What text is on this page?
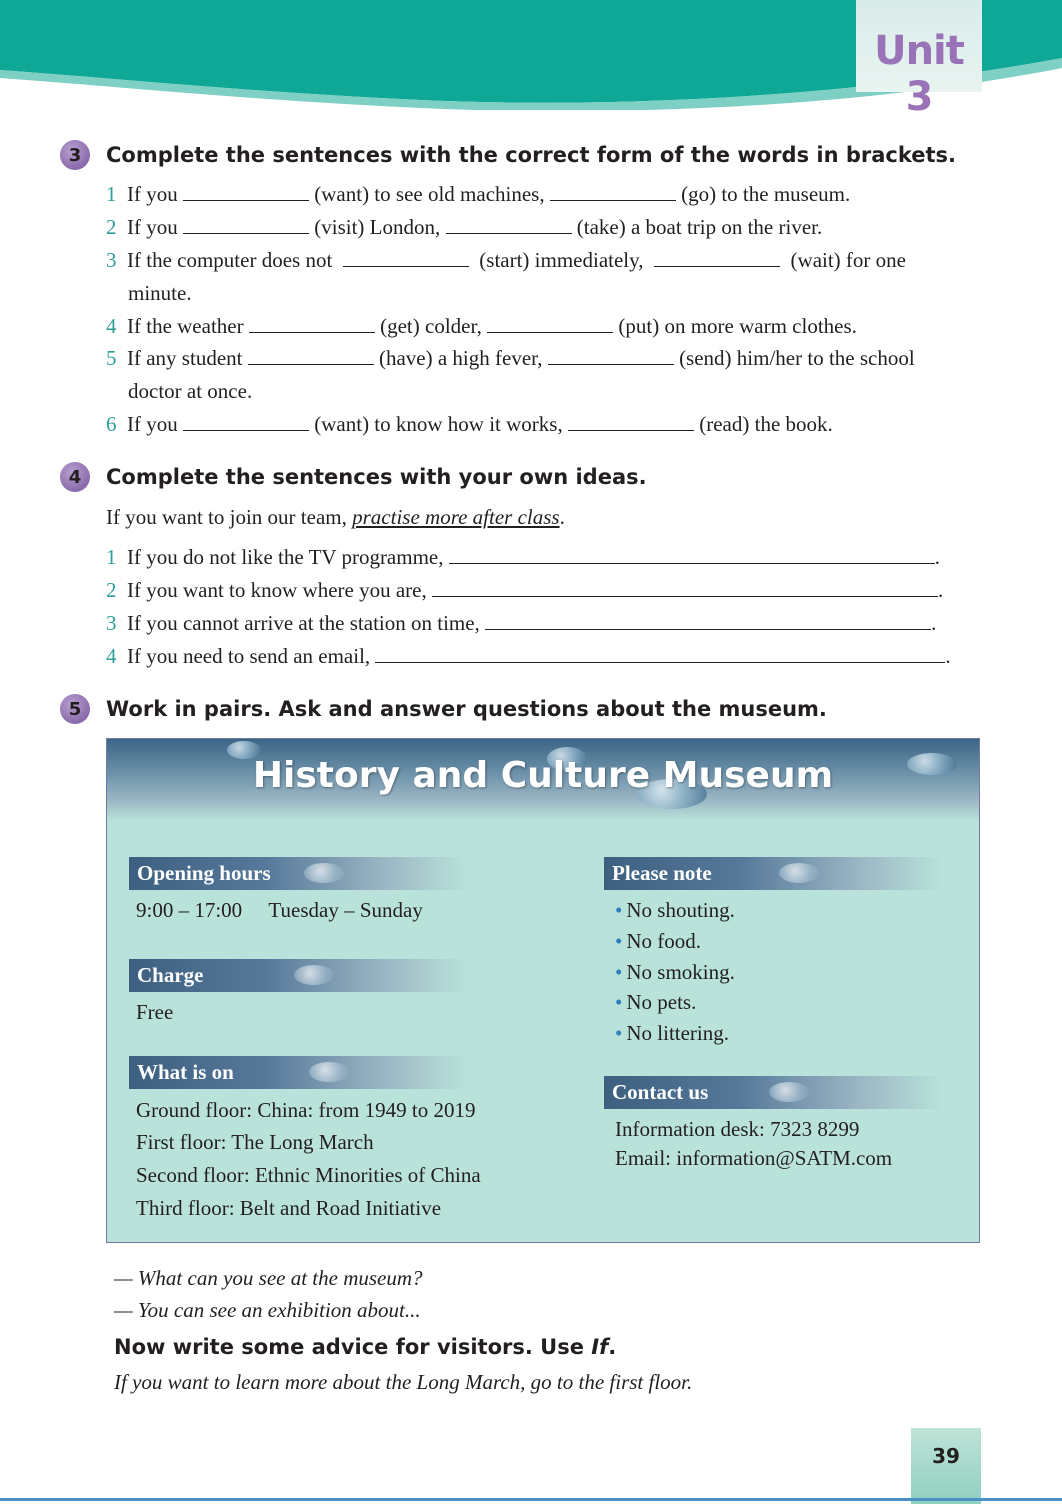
Unit 3
3	Complete the sentences with the correct form of the words in brackets.
1 If you	(want) to see old machines,	(go) to the museum.
2 If you	(visit) London,	(take) a boat trip on the river.
3 If the computer does not	(start) immediately,	(wait) for one
minute.
4 If the weather	(get) colder,	(put) on more warm clothes.
5 If any student	(have) a high fever,	(send) him/her to the school
doctor at once.
6 If you	(want) to know how it works,	(read) the book.
4	Complete the sentences with your own ideas.
If you want to join our team, practise more after class.
1 If you do not like the TV programme,	.
2 If you want to know where you are,	.
3 If you cannot arrive at the station on time,	.
4 If you need to send an email,	.
5	Work in pairs. Ask and answer questions about the museum.
History and Culture Museum
Opening hours
9:00 – 17:00 Tuesday – Sunday
Charge
Free
What is on
Ground floor: China: from 1949 to 2019
First floor: The Long March
Second floor: Ethnic Minorities of China
Third floor: Belt and Road Initiative
Please note
• No shouting.
• No food.
• No smoking.
• No pets.
• No littering.
Contact us
Information desk: 7323 8299
Email: information@SATM.com
— What can you see at the museum?
— You can see an exhibition about...
Now write some advice for visitors. Use If.
If you want to learn more about the Long March, go to the first floor.
39
